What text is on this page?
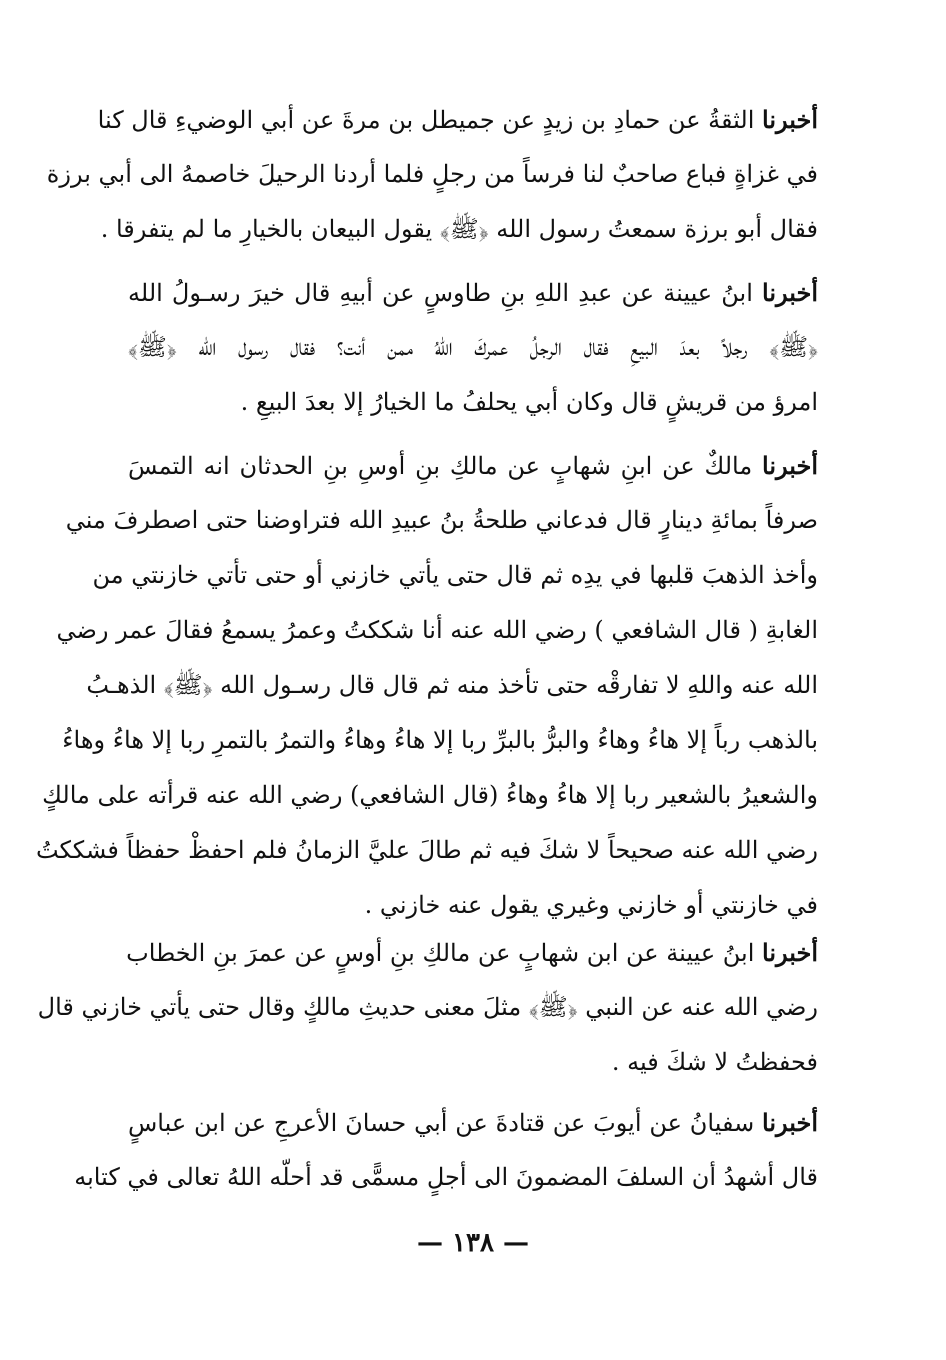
أخبرنا الثقةُ عن حمادِ بن زيدٍ عن جميطل بن مرةَ عن أبي الوضيءِ قال كنا
في غزاةٍ فباع صاحبٌ لنا فرساً من رجلٍ فلما أردنا الرحيلَ خاصمهُ الى أبي برزة
فقال أبو برزة سمعتُ رسول الله ﴿ﷺ﴾ يقول البيعان بالخيارِ ما لم يتفرقا .
أخبرنا ابنُ عيينة عن عبدِ اللهِ بنِ طاوسٍ عن أبيهِ قال خيرَ رسـولُ الله
﴿ﷺ﴾ رجلاً بعدَ البيعِ فقال الرجلُ عمركَ اللهُ ممن أنت؟ فقال رسول الله ﴿ﷺ﴾
امرؤ من قريشٍ قال وكان أبي يحلفُ ما الخيارُ إلا بعدَ البيعِ .
أخبرنا مالكٌ عن ابنِ شهابٍ عن مالكِ بنِ أوسِ بنِ الحدثان انه التمسَ
صرفاً بمائةِ دينارٍ قال فدعاني طلحةُ بنُ عبيدِ الله فتراوضنا حتى اصطرفَ مني
وأخذ الذهبَ قلبها في يدِه ثم قال حتى يأتي خازني أو حتى تأتي خازنتي من
الغابةِ ( قال الشافعي ) رضي الله عنه أنا شككتُ وعمرُ يسمعُ فقالَ عمر رضي
الله عنه واللهِ لا تفارقْه حتى تأخذ منه ثم قال قال رسـول الله ﴿ﷺ﴾ الذهـبُ
بالذهب رباً إلا هاءُ وهاءُ والبرُّ بالبرِّ ربا إلا هاءُ وهاءُ والتمرُ بالتمرِ ربا إلا هاءُ وهاءُ
والشعيرُ بالشعير ربا إلا هاءُ وهاءُ (قال الشافعي) رضي الله عنه قرأته على مالكٍ
رضي الله عنه صحيحاً لا شكَ فيه ثم طالَ عليَّ الزمانُ فلم احفظْ حفظاً فشككتُ
في خازنتي أو خازني وغيري يقول عنه خازني .
أخبرنا ابنُ عيينة عن ابن شهابٍ عن مالكِ بنِ أوسٍ عن عمرَ بنِ الخطاب
رضي الله عنه عن النبي ﴿ﷺ﴾ مثلَ معنى حديثِ مالكٍ وقال حتى يأتي خازني قال
فحفظتُ لا شكَ فيه .
أخبرنا سفيانُ عن أيوبَ عن قتادةَ عن أبي حسانَ الأعرجِ عن ابن عباسٍ
قال أشهدُ أن السلفَ المضمونَ الى أجلٍ مسمًّى قد أحلّه اللهُ تعالى في كتابه
— ١٣٨ —
